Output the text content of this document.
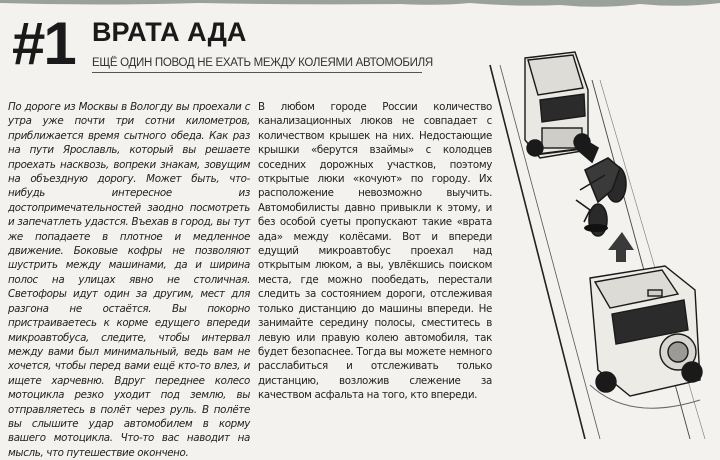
#1 ВРАТА АДА
ЕЩЁ ОДИН ПОВОД НЕ ЕХАТЬ МЕЖДУ КОЛЕЯМИ АВТОМОБИЛЯ
По дороге из Москвы в Вологду вы проехали с утра уже почти три сотни километров, приближается время сытного обеда. Как раз на пути Ярославль, который вы решаете проехать насквозь, вопреки знакам, зовущим на объездную дорогу. Может быть, что-нибудь интересное из достопримечательностей заодно посмотреть и запечатлеть удастся. Въехав в город, вы тут же попадаете в плотное и медленное движение. Боковые кофры не позволяют шустрить между машинами, да и ширина полос на улицах явно не столичная. Светофоры идут один за другим, мест для разгона не остаётся. Вы покорно пристраиваетесь к корме едущего впереди микроавтобуса, следите, чтобы интервал между вами был минимальный, ведь вам не хочется, чтобы перед вами ещё кто-то влез, и ищете харчевню. Вдруг переднее колесо мотоцикла резко уходит под землю, вы отправляетесь в полёт через руль. В полёте вы слышите удар автомобилем в корму вашего мотоцикла. Что-то вас наводит на мысль, что путешествие окончено.
В любом городе России количество канализационных люков не совпадает с количеством крышек на них. Недостающие крышки «берутся взаймы» с колодцев соседних дорожных участков, поэтому открытые люки «кочуют» по городу. Их расположение невозможно выучить. Автомобилисты давно привыкли к этому, и без особой суеты пропускают такие «врата ада» между колёсами. Вот и впереди едущий микроавтобус проехал над открытым люком, а вы, увлёкшись поиском места, где можно пообедать, перестали следить за состоянием дороги, отслеживая только дистанцию до машины впереди. Не занимайте середину полосы, сместитесь в левую или правую колею автомобиля, так будет безопаснее. Тогда вы можете немного расслабиться и отслеживать только дистанцию, возложив слежение за качеством асфальта на того, кто впереди.
